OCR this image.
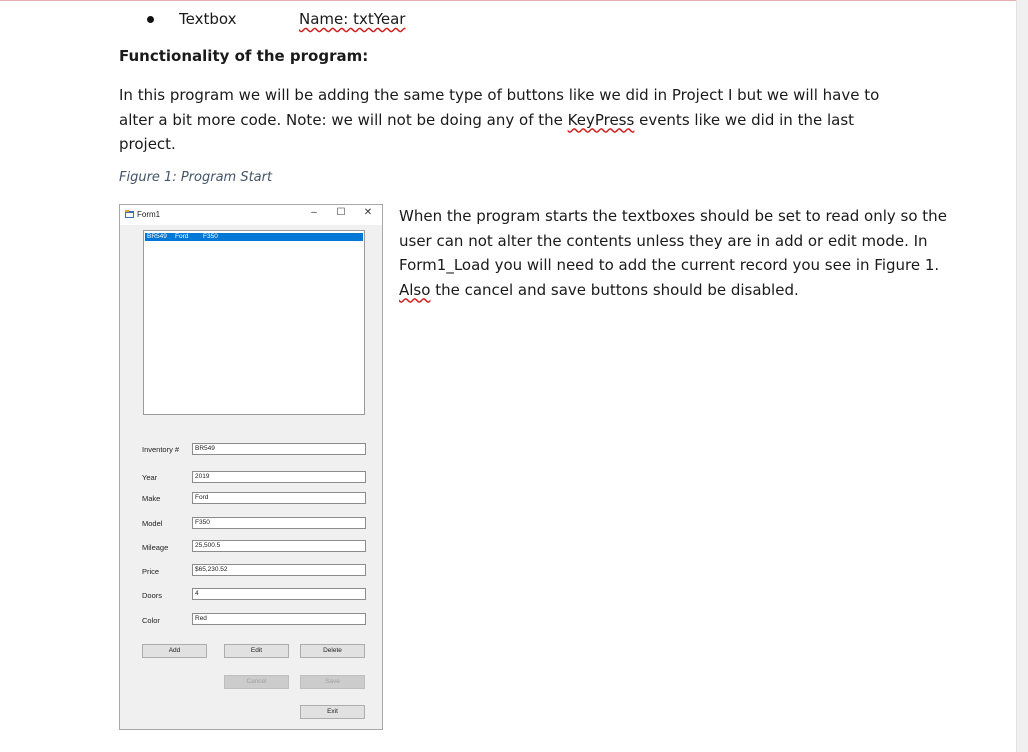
Textbox	Name: txtYear
Functionality of the program:
In this program we will be adding the same type of buttons like we did in Project I but we will have to alter a bit more code. Note: we will not be doing any of the KeyPress events like we did in the last project.
Figure 1: Program Start
When the program starts the textboxes should be set to read only so the user can not alter the contents unless they are in add or edit mode. In Form1_Load you will need to add the current record you see in Figure 1. Also the cancel and save buttons should be disabled.
Form1	–	☐ ✕
BR549 Ford F350
Inventory #	BR549
Year	2019
Make	Ford
Model	F350
Mileage	25,500.5
Price	$65,230.52
Doors	4
Color	Red
Add	Edit	Delete
Cancel	Save
Exit
